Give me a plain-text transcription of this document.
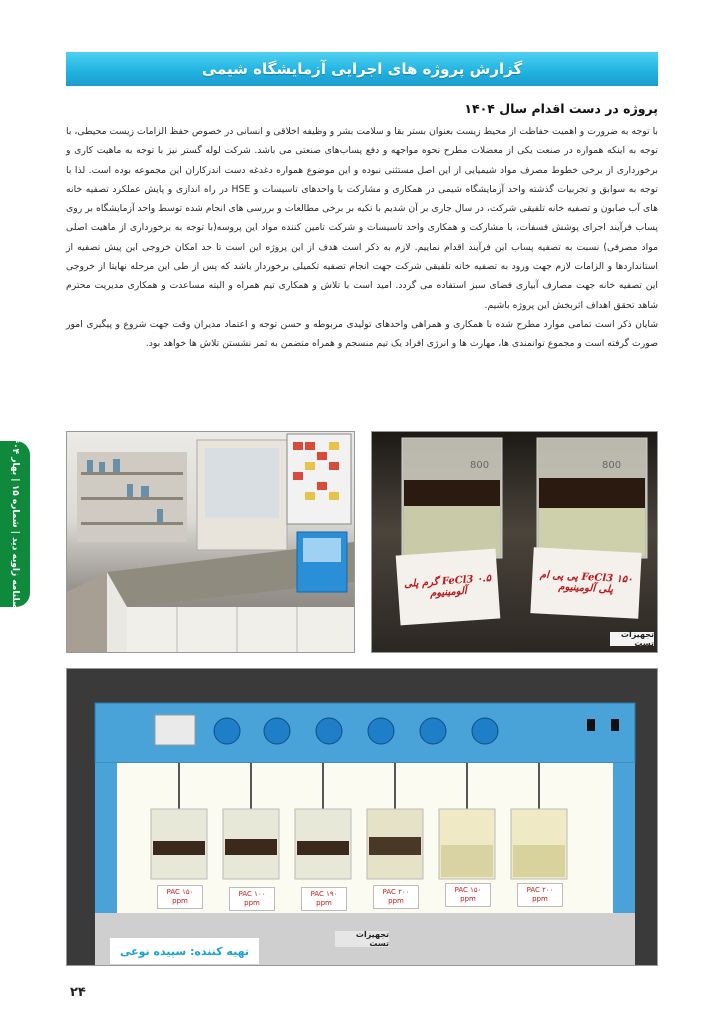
گزارش پروژه های اجرایی آزمایشگاه شیمی
پروژه در دست اقدام سال ۱۴۰۴

با توجه به ضرورت و اهمیت حفاظت از محیط زیست بعنوان بستر بقا و سلامت بشر و وظیفه اخلاقی و انسانی در خصوص حفظ الزامات زیست محیطی، با توجه به اینکه همواره در صنعت یکی از معضلات مطرح نحوه مواجهه و دفع پساب‌های صنعتی می باشد. شرکت لوله گستر نیز با توجه به ماهیت کاری و برخورداری از برخی خطوط مصرف مواد شیمیایی از این اصل مستثنی نبوده و این موضوع همواره دغدغه دست اندرکاران این مجموعه بوده است. لذا با توجه به سوابق و تجربیات گذشته واحد آزمایشگاه شیمی در همکاری و مشارکت با واحدهای تاسیسات و HSE در راه اندازی و پایش عملکرد تصفیه خانه های آب صابون و تصفیه خانه تلفیقی شرکت، در سال جاری بر آن شدیم با تکیه بر برخی مطالعات و بررسی های انجام شده توسط واحد آزمایشگاه بر روی پساب فرآیند اجرای پوشش فسفات، با مشارکت و همکاری واحد تاسیسات و شرکت تامین کننده مواد این پروسه(با توجه به برخورداری از ماهیت اصلی مواد مصرفی) نسبت به تصفیه پساب این فرآیند اقدام نماییم. لازم به ذکر است هدف از این پروژه این است تا حد امکان خروجی این پیش تصفیه از استانداردها و الزامات لازم جهت ورود به تصفیه خانه تلفیقی شرکت جهت انجام تصفیه تکمیلی برخوردار باشد که پس از طی این مرحله نهایتا از خروجی این تصفیه خانه جهت مصارف آبیاری فضای سبز استفاده می گردد. امید است با تلاش و همکاری تیم همراه و البته مساعدت و همکاری مدیریت محترم شاهد تحقق اهداف اثربخش این پروژه باشیم.

شایان ذکر است تمامی موارد مطرح شده با همکاری و همراهی واحدهای تولیدی مربوطه و حسن توجه و اعتماد مدیران وقت جهت شروع و پیگیری امور صورت گرفته است و مجموع توانمندی ها، مهارت ها و انرژی افراد یک تیم منسجم و همراه متضمن به ثمر نشستن تلاش ها خواهد بود.

فصلنامه زاویه دید | شماره ۱۵ | بهار ۱۴۰۴
800	800
FeCl3 ۰.۵ گرم پلی آلومینیوم
FeCl3 ۱۵۰ پی پی ام پلی آلومینیوم
تجهیزات تست
PAC ۱۵۰ ppm
PAC ۱۰۰ ppm
PAC ۱۹۰ ppm
PAC ۲۰۰ ppm
PAC ۱۵۰ ppm
PAC ۲۰۰ ppm
تجهیزات تست
تهیه کننده: سپیده نوعی
۲۴
